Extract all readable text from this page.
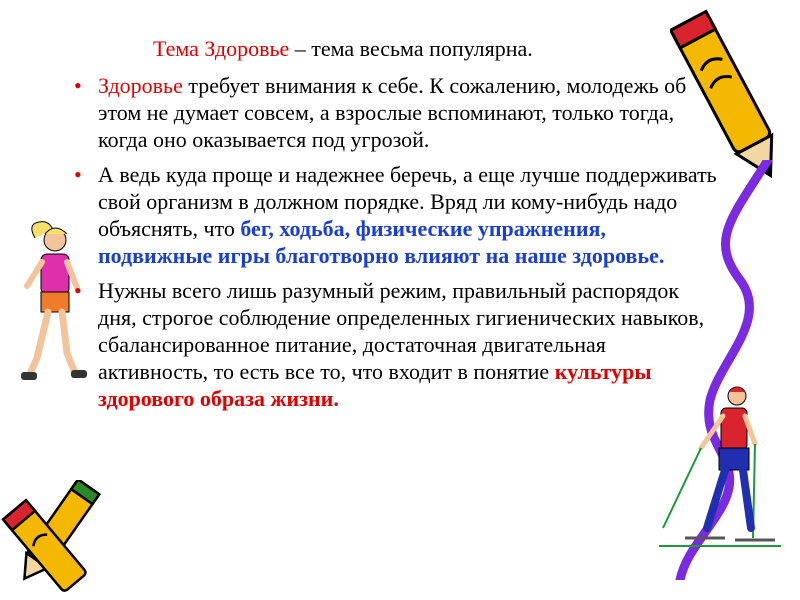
Тема Здоровье – тема весьма популярна.
• Здоровье требует внимания к себе. К сожалению, молодежь об этом не думает совсем, а взрослые вспоминают, только тогда, когда оно оказывается под угрозой.
• А ведь куда проще и надежнее беречь, а еще лучше поддерживать свой организм в должном порядке. Вряд ли кому-нибудь надо объяснять, что бег, ходьба, физические упражнения, подвижные игры благотворно влияют на наше здоровье.
• Нужны всего лишь разумный режим, правильный распорядок дня, строгое соблюдение определенных гигиенических навыков, сбалансированное питание, достаточная двигательная активность, то есть все то, что входит в понятие культуры здорового образа жизни.
